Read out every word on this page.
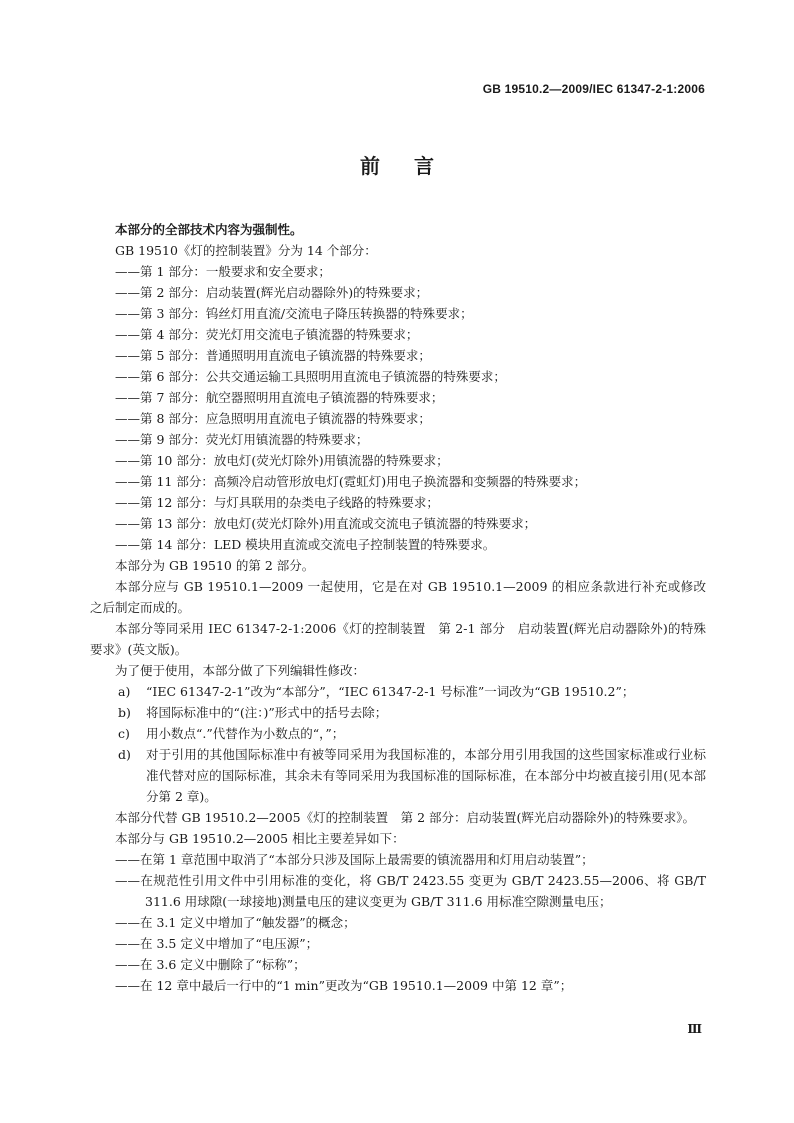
GB 19510.2—2009/IEC 61347-2-1:2006
前言

本部分的全部技术内容为强制性。

GB 19510《灯的控制装置》分为 14 个部分：

——第 1 部分：一般要求和安全要求；

——第 2 部分：启动装置(辉光启动器除外)的特殊要求；

——第 3 部分：钨丝灯用直流/交流电子降压转换器的特殊要求；

——第 4 部分：荧光灯用交流电子镇流器的特殊要求；

——第 5 部分：普通照明用直流电子镇流器的特殊要求；

——第 6 部分：公共交通运输工具照明用直流电子镇流器的特殊要求；

——第 7 部分：航空器照明用直流电子镇流器的特殊要求；

——第 8 部分：应急照明用直流电子镇流器的特殊要求；

——第 9 部分：荧光灯用镇流器的特殊要求；

——第 10 部分：放电灯(荧光灯除外)用镇流器的特殊要求；

——第 11 部分：高频冷启动管形放电灯(霓虹灯)用电子换流器和变频器的特殊要求；

——第 12 部分：与灯具联用的杂类电子线路的特殊要求；

——第 13 部分：放电灯(荧光灯除外)用直流或交流电子镇流器的特殊要求；

——第 14 部分：LED 模块用直流或交流电子控制装置的特殊要求。

本部分为 GB 19510 的第 2 部分。

本部分应与 GB 19510.1—2009 一起使用，它是在对 GB 19510.1—2009 的相应条款进行补充或修改之后制定而成的。

本部分等同采用 IEC 61347-2-1:2006《灯的控制装置　第 2-1 部分　启动装置(辉光启动器除外)的特殊要求》(英文版)。

为了便于使用，本部分做了下列编辑性修改：

a)	“IEC 61347-2-1”改为“本部分”，“IEC 61347-2-1 号标准”一词改为“GB 19510.2”；
b)	将国际标准中的“(注：)”形式中的括号去除；
c)	用小数点“.”代替作为小数点的“，”；
d)	对于引用的其他国际标准中有被等同采用为我国标准的，本部分用引用我国的这些国家标准或行业标准代替对应的国际标准，其余未有等同采用为我国标准的国际标准，在本部分中均被直接引用(见本部分第 2 章)。

本部分代替 GB 19510.2—2005《灯的控制装置　第 2 部分：启动装置(辉光启动器除外)的特殊要求》。

本部分与 GB 19510.2—2005 相比主要差异如下：

——在第 1 章范围中取消了“本部分只涉及国际上最需要的镇流器用和灯用启动装置”；

——在规范性引用文件中引用标准的变化，将 GB/T 2423.55 变更为 GB/T 2423.55—2006、将 GB/T 311.6 用球隙(一球接地)测量电压的建议变更为 GB/T 311.6 用标准空隙测量电压；

——在 3.1 定义中增加了“触发器”的概念；

——在 3.5 定义中增加了“电压源”；

——在 3.6 定义中删除了“标称”；

——在 12 章中最后一行中的“1 min”更改为“GB 19510.1—2009 中第 12 章”；

Ⅲ
